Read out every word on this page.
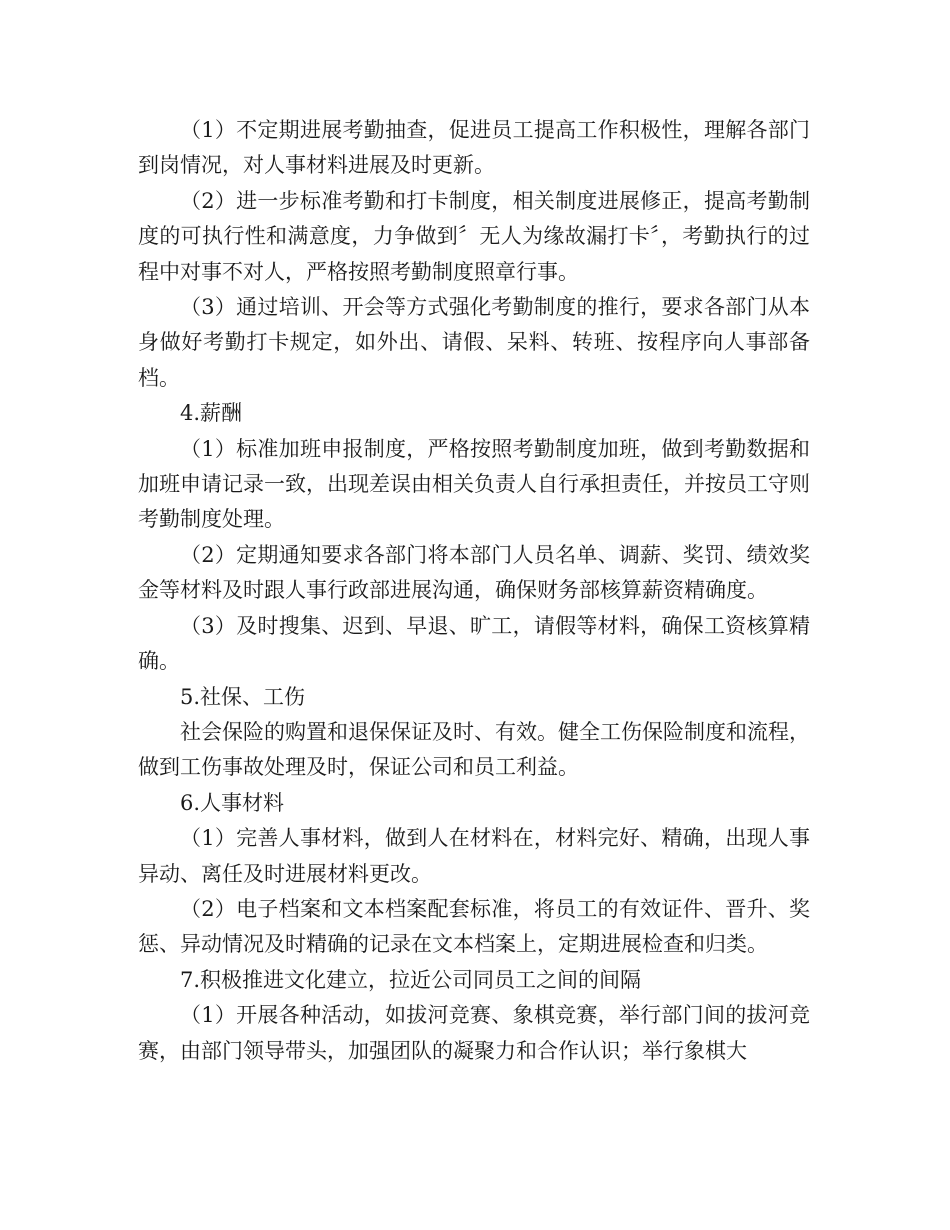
（1）不定期进展考勤抽查，促进员工提高工作积极性，理解各部门到岗情况，对人事材料进展及时更新。

（2）进一步标准考勤和打卡制度，相关制度进展修正，提高考勤制度的可执行性和满意度，力争做到〞无人为缘故漏打卡〞，考勤执行的过程中对事不对人，严格按照考勤制度照章行事。

（3）通过培训、开会等方式强化考勤制度的推行，要求各部门从本身做好考勤打卡规定，如外出、请假、呆料、转班、按程序向人事部备档。

4.薪酬

（1）标准加班申报制度，严格按照考勤制度加班，做到考勤数据和加班申请记录一致，出现差误由相关负责人自行承担责任，并按员工守则考勤制度处理。

（2）定期通知要求各部门将本部门人员名单、调薪、奖罚、绩效奖金等材料及时跟人事行政部进展沟通，确保财务部核算薪资精确度。

（3）及时搜集、迟到、早退、旷工，请假等材料，确保工资核算精确。

5.社保、工伤

社会保险的购置和退保保证及时、有效。健全工伤保险制度和流程，做到工伤事故处理及时，保证公司和员工利益。

6.人事材料

（1）完善人事材料，做到人在材料在，材料完好、精确，出现人事异动、离任及时进展材料更改。

（2）电子档案和文本档案配套标准，将员工的有效证件、晋升、奖惩、异动情况及时精确的记录在文本档案上，定期进展检查和归类。

7.积极推进文化建立，拉近公司同员工之间的间隔

（1）开展各种活动，如拔河竞赛、象棋竞赛，举行部门间的拔河竞赛，由部门领导带头，加强团队的凝聚力和合作认识；举行象棋大
